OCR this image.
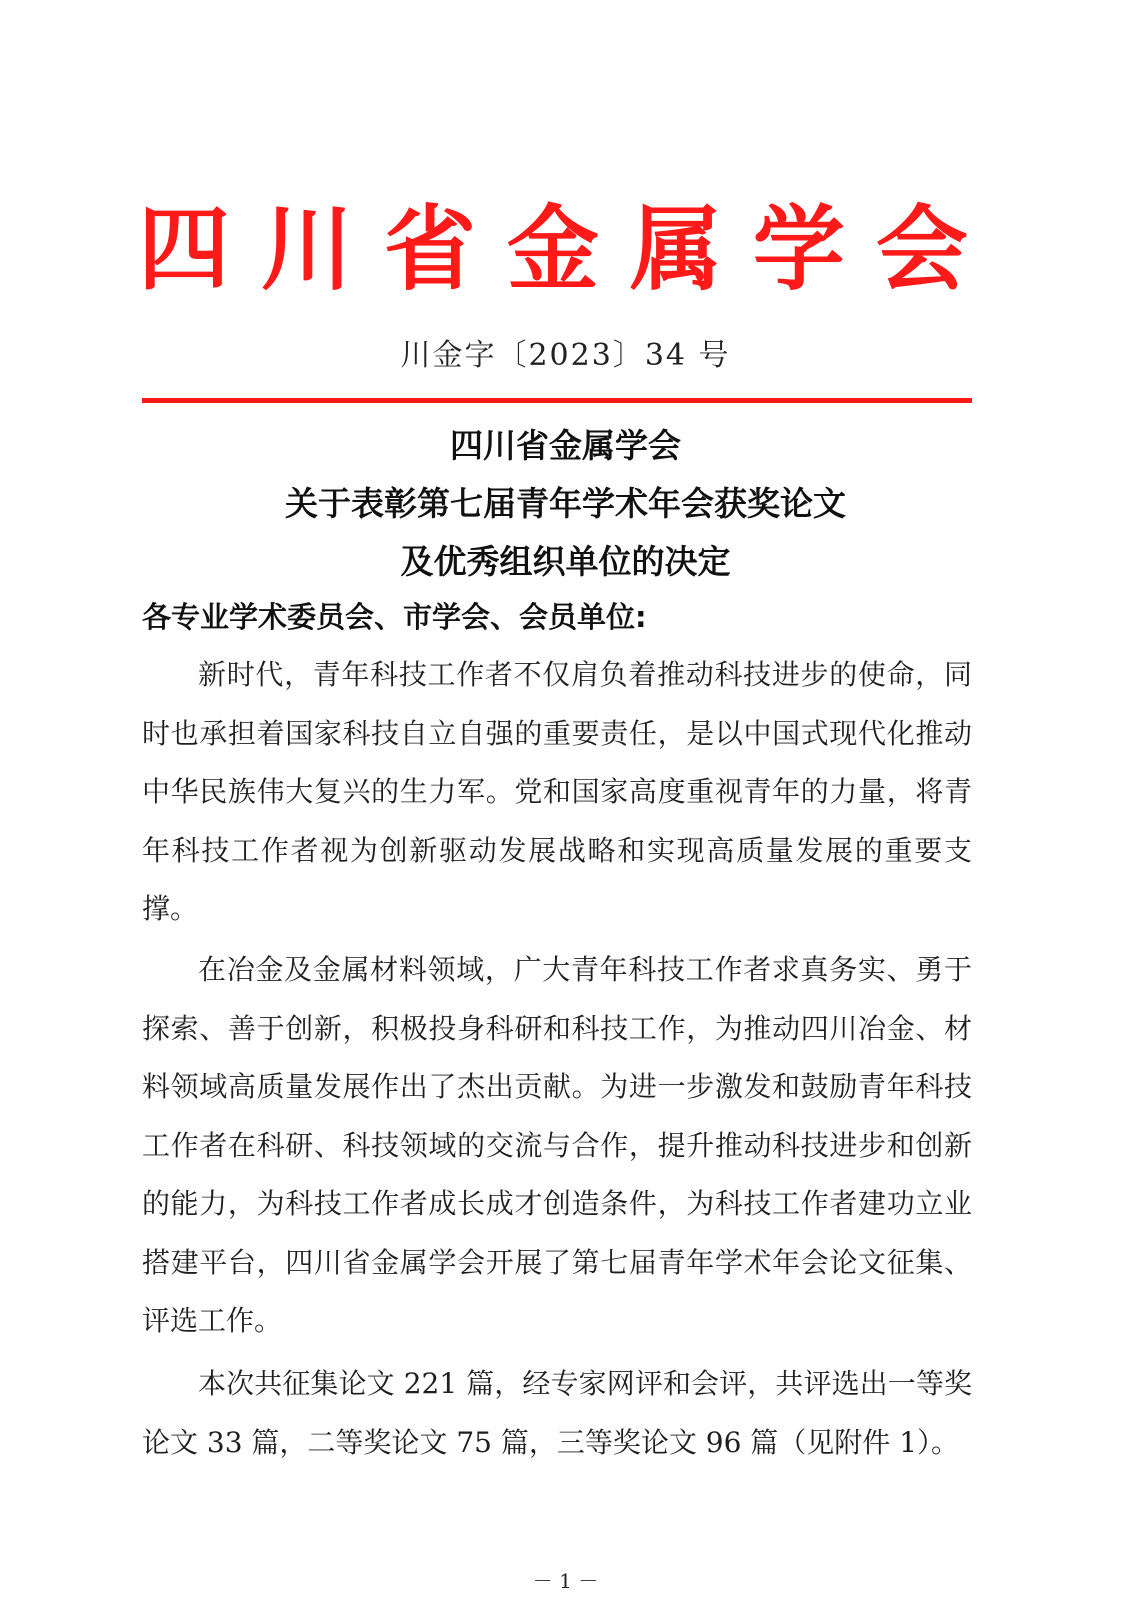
四 川 省 金 属 学 会
川金字〔2023〕34 号
四川省金属学会
关于表彰第七届青年学术年会获奖论文
及优秀组织单位的决定
各专业学术委员会、市学会、会员单位:

新时代，青年科技工作者不仅肩负着推动科技进步的使命，同时也承担着国家科技自立自强的重要责任，是以中国式现代化推动中华民族伟大复兴的生力军。党和国家高度重视青年的力量，将青年科技工作者视为创新驱动发展战略和实现高质量发展的重要支撑。

在冶金及金属材料领域，广大青年科技工作者求真务实、勇于探索、善于创新，积极投身科研和科技工作，为推动四川冶金、材料领域高质量发展作出了杰出贡献。为进一步激发和鼓励青年科技工作者在科研、科技领域的交流与合作，提升推动科技进步和创新的能力，为科技工作者成长成才创造条件，为科技工作者建功立业搭建平台，四川省金属学会开展了第七届青年学术年会论文征集、评选工作。

本次共征集论文 221 篇，经专家网评和会评，共评选出一等奖论文 33 篇，二等奖论文 75 篇，三等奖论文 96 篇（见附件 1）。

－ 1 －
